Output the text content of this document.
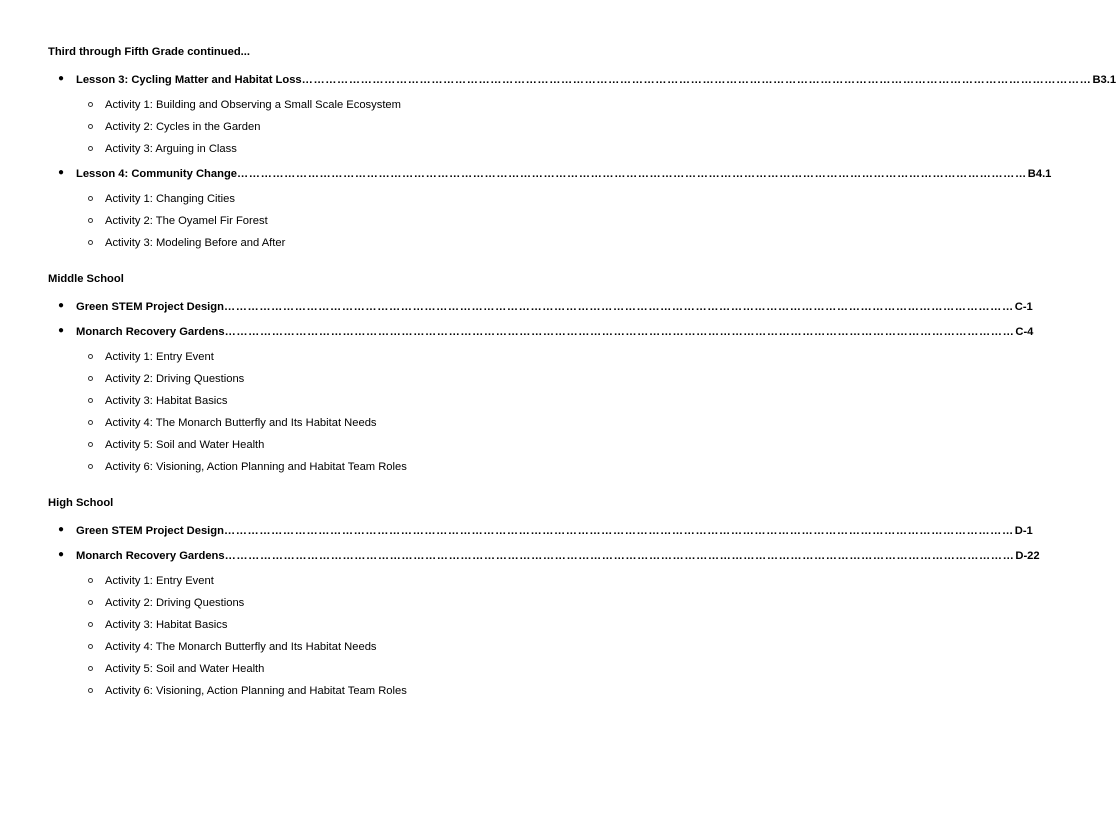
Third through Fifth Grade continued...
● Lesson 3: Cycling Matter and Habitat Loss ………………………………………………………………………………………………………………………………………………………………………………… B3.1
Activity 1: Building and Observing a Small Scale Ecosystem
Activity 2: Cycles in the Garden
Activity 3: Arguing in Class
● Lesson 4: Community Change ………………………………………………………………………………………………………………………………………………………………………………… B4.1
Activity 1: Changing Cities
Activity 2: The Oyamel Fir Forest
Activity 3: Modeling Before and After
Middle School
● Green STEM Project Design ………………………………………………………………………………………………………………………………………………………………………………… C-1
● Monarch Recovery Gardens ………………………………………………………………………………………………………………………………………………………………………………… C-4
Activity 1: Entry Event
Activity 2: Driving Questions
Activity 3: Habitat Basics
Activity 4: The Monarch Butterfly and Its Habitat Needs
Activity 5: Soil and Water Health
Activity 6: Visioning, Action Planning and Habitat Team Roles
High School
● Green STEM Project Design ………………………………………………………………………………………………………………………………………………………………………………… D-1
● Monarch Recovery Gardens ………………………………………………………………………………………………………………………………………………………………………………… D-22
Activity 1: Entry Event
Activity 2: Driving Questions
Activity 3: Habitat Basics
Activity 4: The Monarch Butterfly and Its Habitat Needs
Activity 5: Soil and Water Health
Activity 6: Visioning, Action Planning and Habitat Team Roles
